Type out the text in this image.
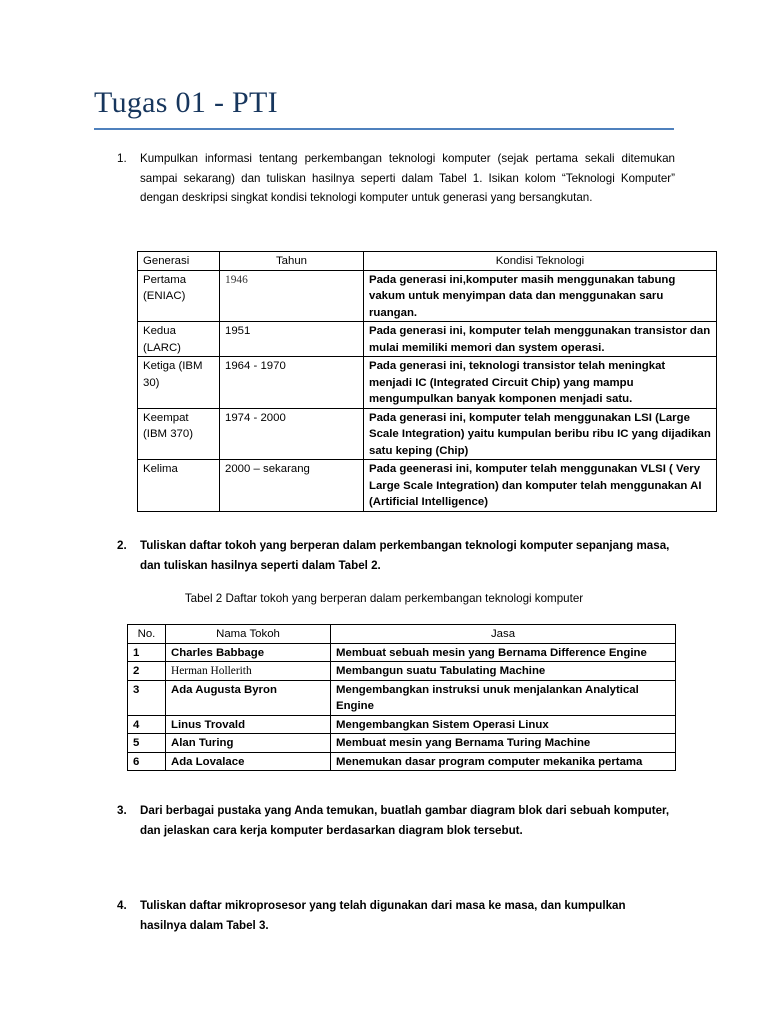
Tugas 01 - PTI
1. Kumpulkan informasi tentang perkembangan teknologi komputer (sejak pertama sekali ditemukan sampai sekarang) dan tuliskan hasilnya seperti dalam Tabel 1. Isikan kolom “Teknologi Komputer” dengan deskripsi singkat kondisi teknologi komputer untuk generasi yang bersangkutan.
Generasi	Tahun	Kondisi Teknologi
Pertama (ENIAC)	1946	Pada generasi ini,komputer masih menggunakan tabung vakum untuk menyimpan data dan menggunakan saru ruangan.
Kedua (LARC)	1951	Pada generasi ini, komputer telah menggunakan transistor dan mulai memiliki memori dan system operasi.
Ketiga (IBM 30)	1964 - 1970	Pada generasi ini, teknologi transistor telah meningkat menjadi IC (Integrated Circuit Chip) yang mampu mengumpulkan banyak komponen menjadi satu.
Keempat (IBM 370)	1974 - 2000	Pada generasi ini, komputer telah menggunakan LSI (Large Scale Integration) yaitu kumpulan beribu ribu IC yang dijadikan satu keping (Chip)
Kelima	2000 – sekarang	Pada geenerasi ini, komputer telah menggunakan VLSI ( Very Large Scale Integration) dan komputer telah menggunakan AI (Artificial Intelligence)
2. Tuliskan daftar tokoh yang berperan dalam perkembangan teknologi komputer sepanjang masa, dan tuliskan hasilnya seperti dalam Tabel 2.
Tabel 2 Daftar tokoh yang berperan dalam perkembangan teknologi komputer
No.	Nama Tokoh	Jasa
1	Charles Babbage	Membuat sebuah mesin yang Bernama Difference Engine
2	Herman Hollerith	Membangun suatu Tabulating Machine
3	Ada Augusta Byron	Mengembangkan instruksi unuk menjalankan Analytical Engine
4	Linus Trovald	Mengembangkan Sistem Operasi Linux
5	Alan Turing	Membuat mesin yang Bernama Turing Machine
6	Ada Lovalace	Menemukan dasar program computer mekanika pertama
3. Dari berbagai pustaka yang Anda temukan, buatlah gambar diagram blok dari sebuah komputer, dan jelaskan cara kerja komputer berdasarkan diagram blok tersebut.
4. Tuliskan daftar mikroprosesor yang telah digunakan dari masa ke masa, dan kumpulkan hasilnya dalam Tabel 3.
